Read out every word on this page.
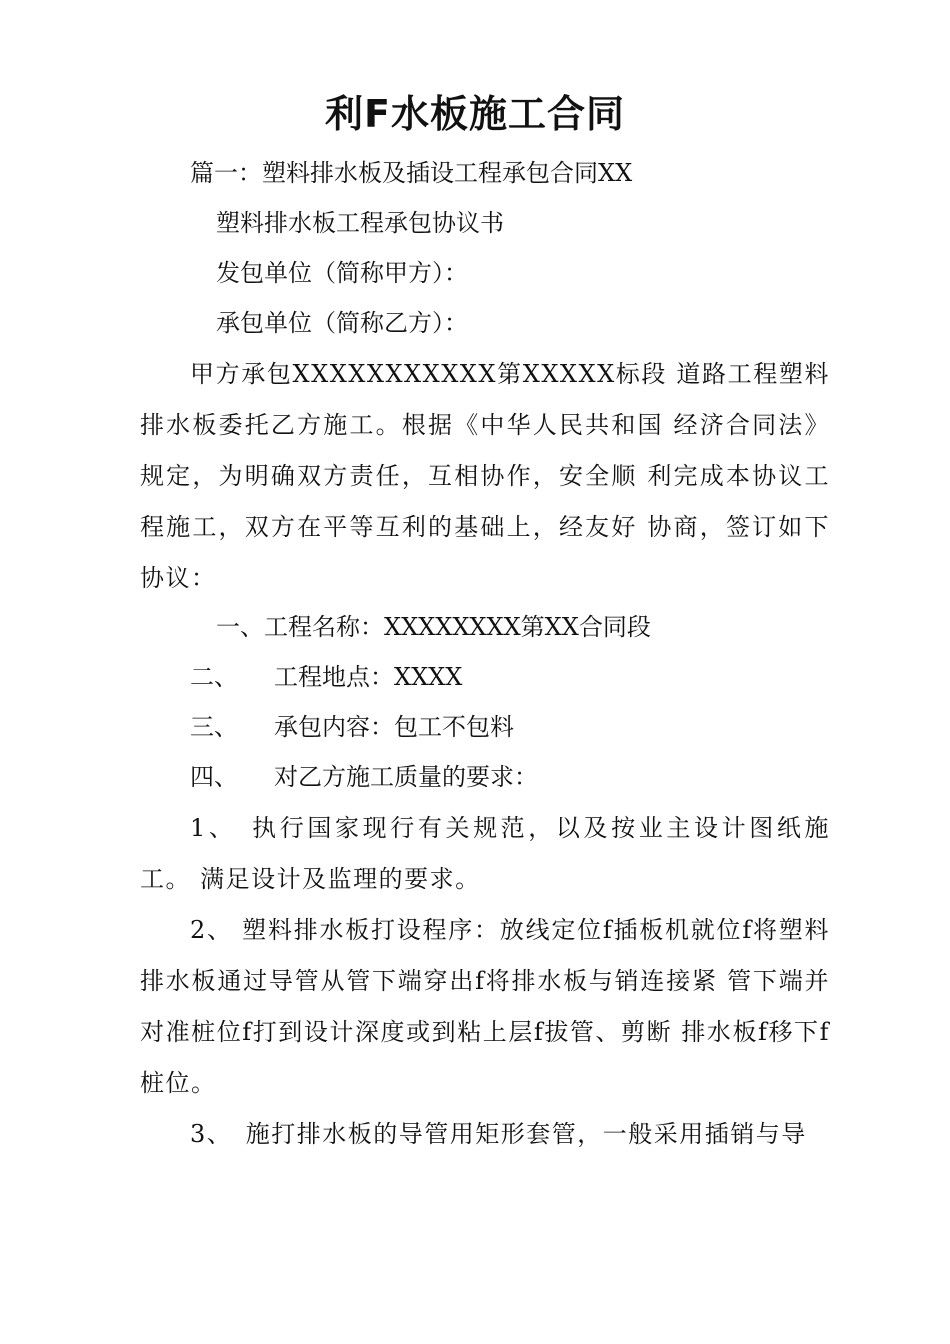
利F水板施工合同
篇一：塑料排水板及插设工程承包合同XX
塑料排水板工程承包协议书
发包单位（简称甲方）：
承包单位（简称乙方）：
甲方承包XXXXXXXXXXX第XXXXX标段 道路工程塑料排水板委托乙方施工。根据《中华人民共和国 经济合同法》规定，为明确双方责任，互相协作，安全顺 利完成本协议工程施工，双方在平等互利的基础上，经友好 协商，签订如下协议：
一、工程名称：XXXXXXXX第XX合同段
二、 工程地点：XXXX
三、 承包内容：包工不包料
四、 对乙方施工质量的要求：
1、　执行国家现行有关规范，以及按业主设计图纸施工。 满足设计及监理的要求。
2、 塑料排水板打设程序：放线定位f插板机就位f将塑料排水板通过导管从管下端穿出f将排水板与销连接紧 管下端并对准桩位f打到设计深度或到粘上层f拔管、剪断 排水板f移下f桩位。
3、　施打排水板的导管用矩形套管，一般采用插销与导
